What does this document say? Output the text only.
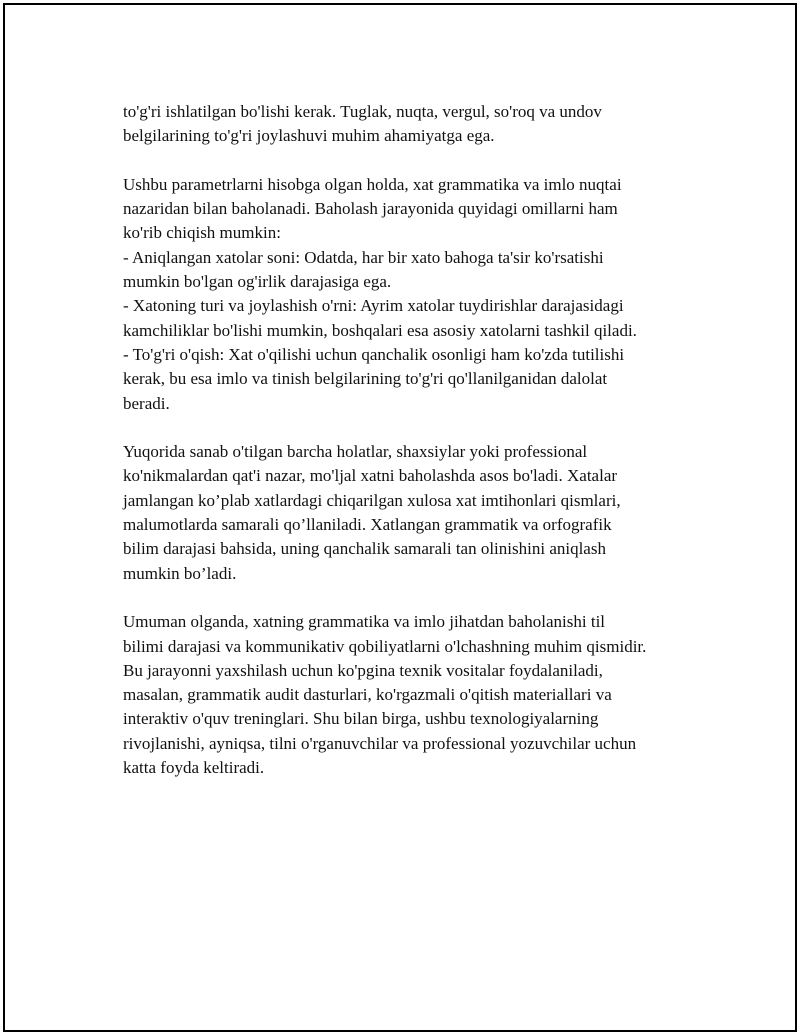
to'g'ri ishlatilgan bo'lishi kerak. Tuglak, nuqta, vergul, so'roq va undov
belgilarining to'g'ri joylashuvi muhim ahamiyatga ega.

Ushbu parametrlarni hisobga olgan holda, xat grammatika va imlo nuqtai
nazaridan bilan baholanadi. Baholash jarayonida quyidagi omillarni ham
ko'rib chiqish mumkin:
- Aniqlangan xatolar soni: Odatda, har bir xato bahoga ta'sir ko'rsatishi
mumkin bo'lgan og'irlik darajasiga ega.
- Xatoning turi va joylashish o'rni: Ayrim xatolar tuydirishlar darajasidagi
kamchiliklar bo'lishi mumkin, boshqalari esa asosiy xatolarni tashkil qiladi.
- To'g'ri o'qish: Xat o'qilishi uchun qanchalik osonligi ham ko'zda tutilishi
kerak, bu esa imlo va tinish belgilarining to'g'ri qo'llanilganidan dalolat
beradi.

Yuqorida sanab o'tilgan barcha holatlar, shaxsiylar yoki professional
ko'nikmalardan qat'i nazar, mo'ljal xatni baholashda asos bo'ladi. Xatalar
jamlangan ko’plab xatlardagi chiqarilgan xulosa xat imtihonlari qismlari,
malumotlarda samarali qo’llaniladi. Xatlangan grammatik va orfografik
bilim darajasi bahsida, uning qanchalik samarali tan olinishini aniqlash
mumkin bo’ladi.

Umuman olganda, xatning grammatika va imlo jihatdan baholanishi til
bilimi darajasi va kommunikativ qobiliyatlarni o'lchashning muhim qismidir.
Bu jarayonni yaxshilash uchun ko'pgina texnik vositalar foydalaniladi,
masalan, grammatik audit dasturlari, ko'rgazmali o'qitish materiallari va
interaktiv o'quv treninglari. Shu bilan birga, ushbu texnologiyalarning
rivojlanishi, ayniqsa, tilni o'rganuvchilar va professional yozuvchilar uchun
katta foyda keltiradi.
